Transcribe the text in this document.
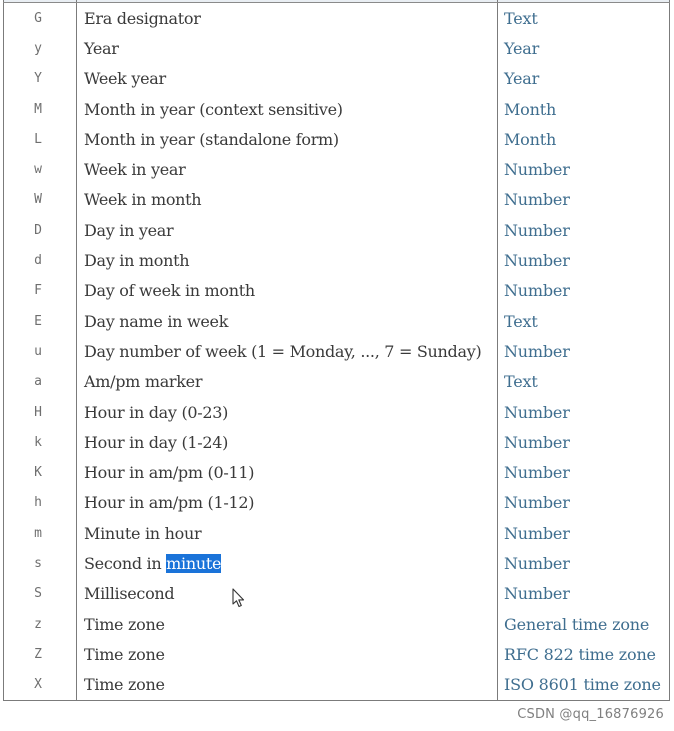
G	Era designator	Text
y	Year	Year
Y	Week year	Year
M	Month in year (context sensitive)	Month
L	Month in year (standalone form)	Month
w	Week in year	Number
W	Week in month	Number
D	Day in year	Number
d	Day in month	Number
F	Day of week in month	Number
E	Day name in week	Text
u	Day number of week (1 = Monday, ..., 7 = Sunday)	Number
a	Am/pm marker	Text
H	Hour in day (0-23)	Number
k	Hour in day (1-24)	Number
K	Hour in am/pm (0-11)	Number
h	Hour in am/pm (1-12)	Number
m	Minute in hour	Number
s	Second in minute	Number
S	Millisecond	Number
z	Time zone	General time zone
Z	Time zone	RFC 822 time zone
X	Time zone	ISO 8601 time zone
CSDN @qq_16876926
